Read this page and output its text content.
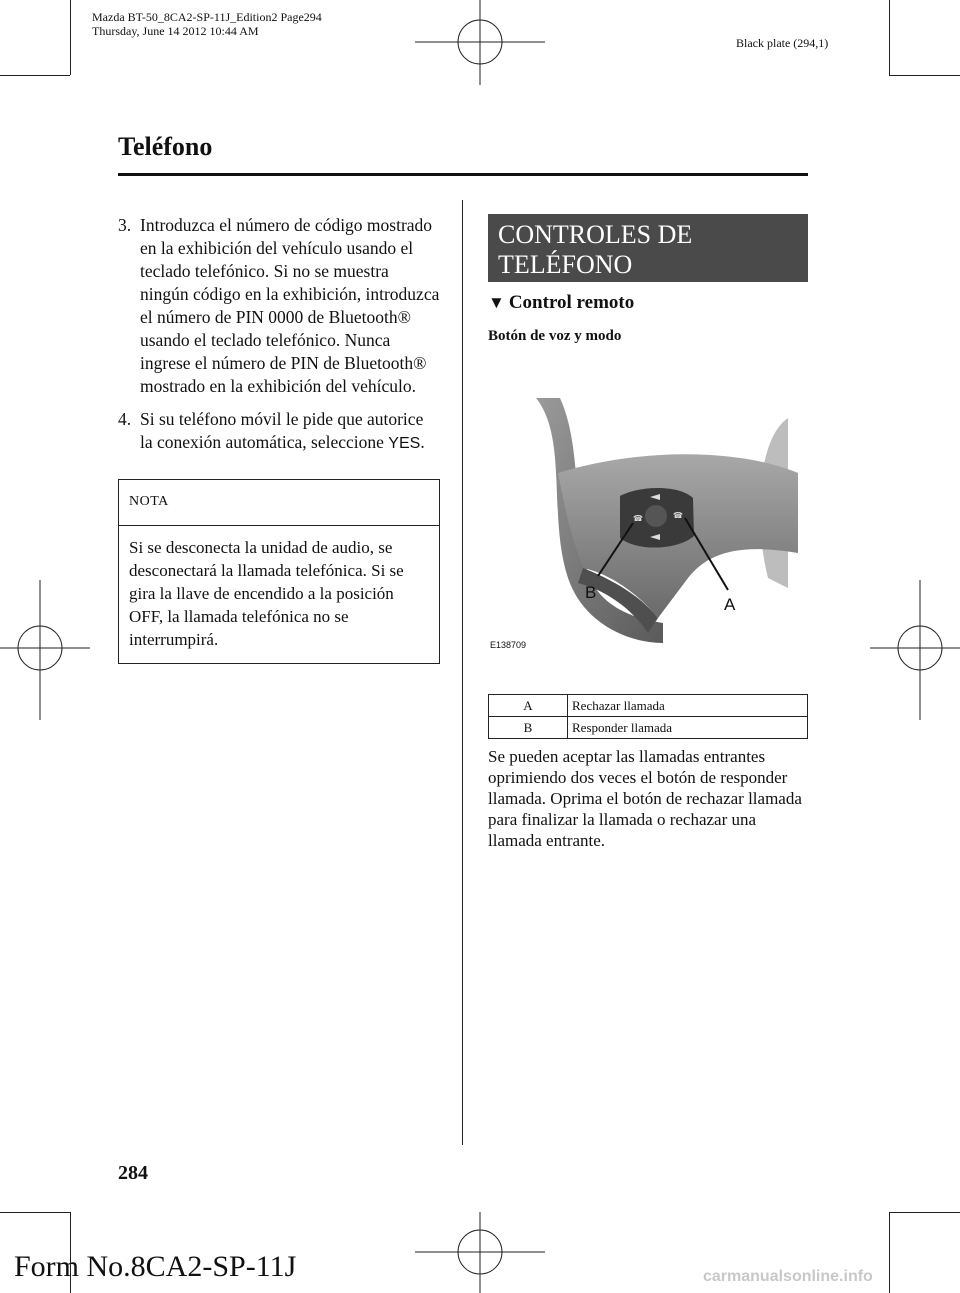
Mazda BT-50_8CA2-SP-11J_Edition2 Page294
Thursday, June 14 2012 10:44 AM
Black plate (294,1)
Teléfono
3. Introduzca el número de código mostrado en la exhibición del vehículo usando el teclado telefónico. Si no se muestra ningún código en la exhibición, introduzca el número de PIN 0000 de Bluetooth® usando el teclado telefónico. Nunca ingrese el número de PIN de Bluetooth® mostrado en la exhibición del vehículo.
4. Si su teléfono móvil le pide que autorice la conexión automática, seleccione YES.
NOTA
Si se desconecta la unidad de audio, se desconectará la llamada telefónica. Si se gira la llave de encendido a la posición OFF, la llamada telefónica no se interrumpirá.
CONTROLES DE
TELÉFONO
▼ Control remoto
Botón de voz y modo
☎	☎
B
A
E138709
A	Rechazar llamada
B	Responder llamada
Se pueden aceptar las llamadas entrantes oprimiendo dos veces el botón de responder llamada. Oprima el botón de rechazar llamada para finalizar la llamada o rechazar una llamada entrante.
284
Form No.8CA2-SP-11J	carmanualsonline.info
